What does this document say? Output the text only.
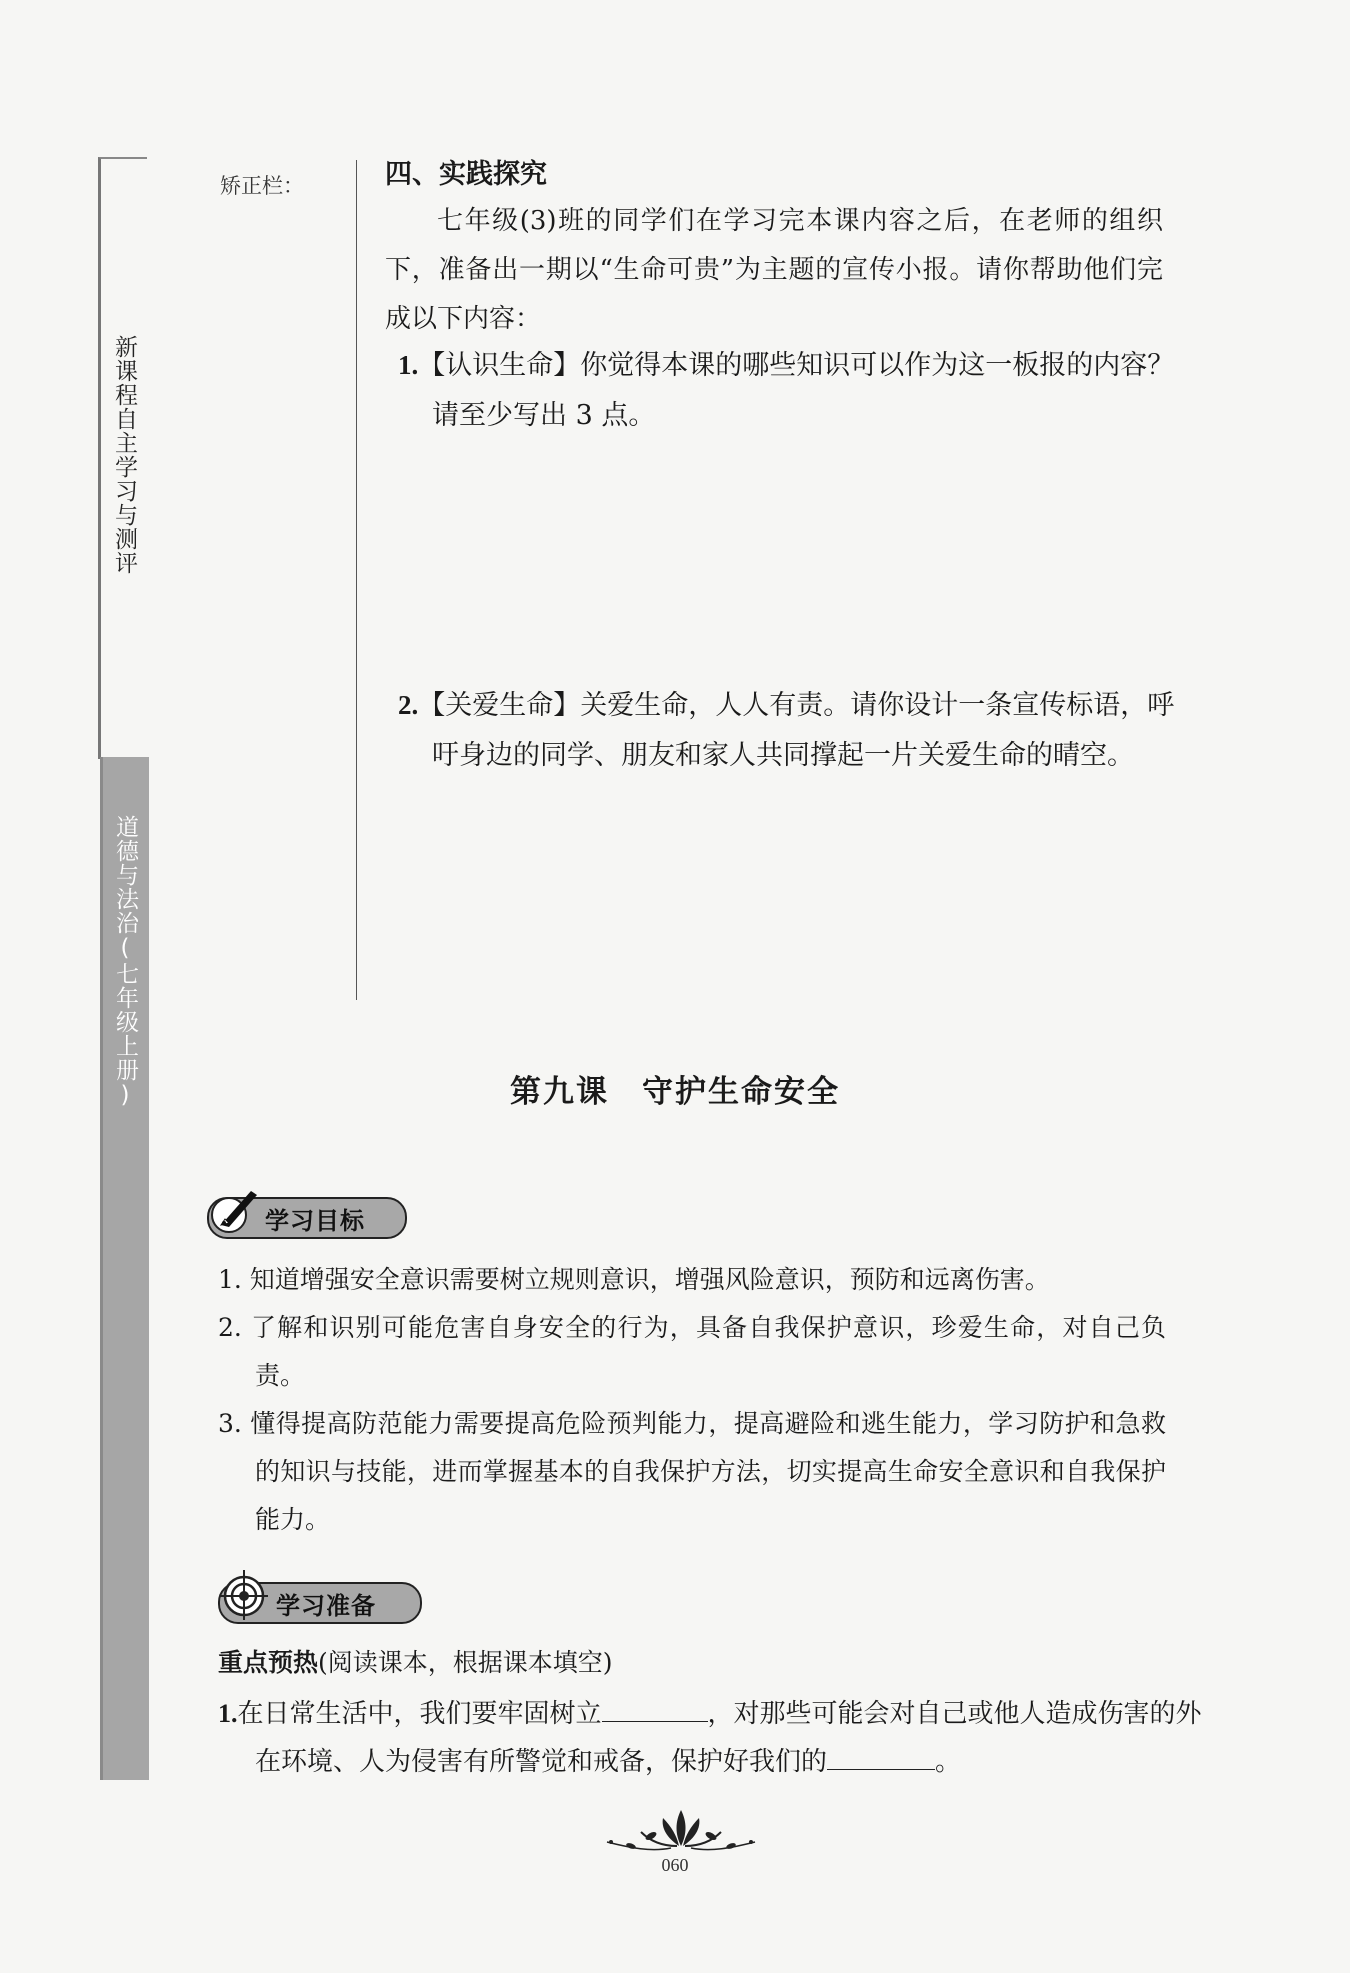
新课程自主学习与测评
道德与法治(七年级上册)
矫正栏：	四、实践探究
七年级(3)班的同学们在学习完本课内容之后，在老师的组织下，准备出一期以“生命可贵”为主题的宣传小报。请你帮助他们完成以下内容：
1.【认识生命】你觉得本课的哪些知识可以作为这一板报的内容？请至少写出 3 点。
2.【关爱生命】关爱生命，人人有责。请你设计一条宣传标语，呼吁身边的同学、朋友和家人共同撑起一片关爱生命的晴空。
第九课　守护生命安全
学习目标

1. 知道增强安全意识需要树立规则意识，增强风险意识，预防和远离伤害。

2. 了解和识别可能危害自身安全的行为，具备自我保护意识，珍爱生命，对自己负责。

3. 懂得提高防范能力需要提高危险预判能力，提高避险和逃生能力，学习防护和急救的知识与技能，进而掌握基本的自我保护方法，切实提高生命安全意识和自我保护能力。

学习准备
重点预热(阅读课本，根据课本填空)
1.在日常生活中，我们要牢固树立	，对那些可能会对自己或他人造成伤害的外在环境、人为侵害有所警觉和戒备，保护好我们的	。
060
